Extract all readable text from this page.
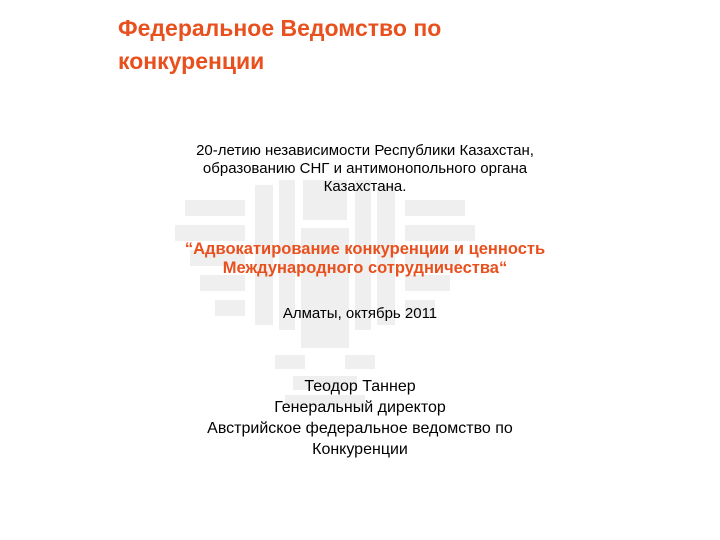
Федеральное Ведомство по
конкуренции
20-летию независимости Республики Казахстан,
образованию СНГ и антимонопольного органа
Казахстана.
“Адвокатирование конкуренции и ценность
Международного сотрудничества“
Алматы, октябрь 2011
Теодор Таннер
Генеральный директор
Австрийское федеральное ведомство по
Конкуренции
